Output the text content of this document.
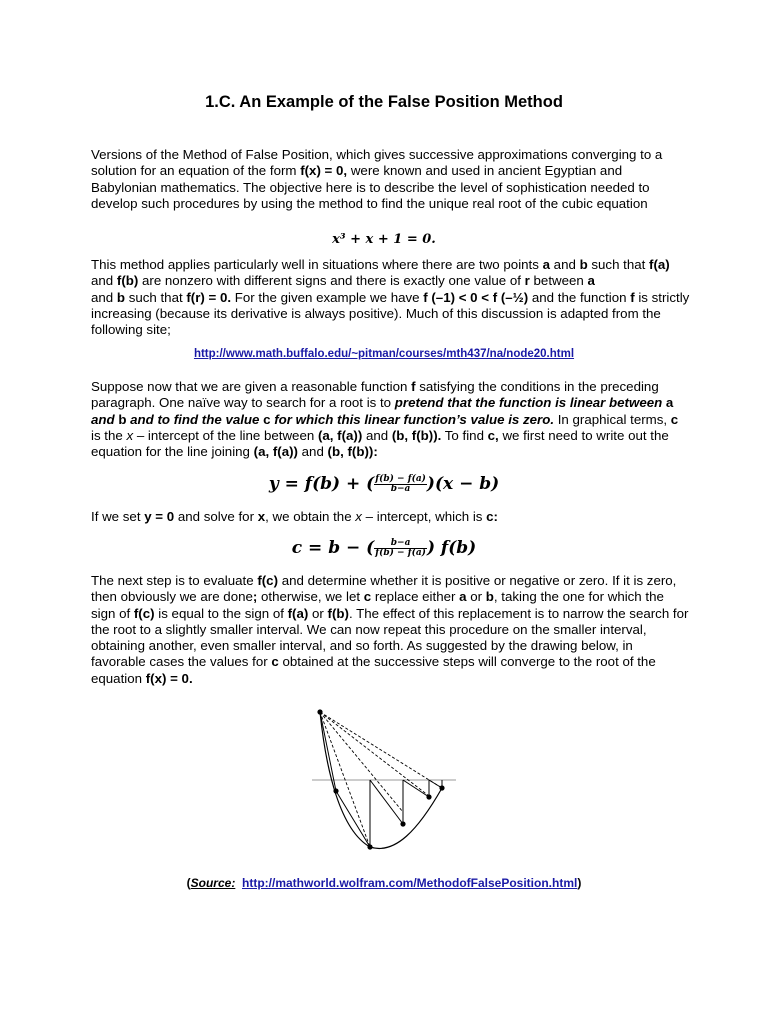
1.C. An Example of the False Position Method

Versions of the Method of False Position, which gives successive approximations converging to a solution for an equation of the form f(x) = 0, were known and used in ancient Egyptian and Babylonian mathematics. The objective here is to describe the level of sophistication needed to develop such procedures by using the method to find the unique real root of the cubic equation

x³ + x + 1 = 0.

This method applies particularly well in situations where there are two points a and b such that f(a) and f(b) are nonzero with different signs and there is exactly one value of r between a
and b such that f(r) = 0. For the given example we have f (–1) < 0 < f (–½) and the function f is strictly increasing (because its derivative is always positive). Much of this discussion is adapted from the following site;

http://www.math.buffalo.edu/~pitman/courses/mth437/na/node20.html

Suppose now that we are given a reasonable function f satisfying the conditions in the preceding paragraph. One naïve way to search for a root is to pretend that the function is linear between a and b and to find the value c for which this linear function’s value is zero. In graphical terms, c is the x – intercept of the line between (a, f(a)) and (b, f(b)). To find c, we first need to write out the equation for the line joining (a, f(a)) and (b, f(b)):

y = f(b) + ( $\frac{f(b) - f(a)}{b-a} )(x - b)$

If we set y = 0 and solve for x, we obtain the x – intercept, which is c:

c = b − ( $\frac{b-a}{f(b) - f(a)}$ ) f(b)

The next step is to evaluate f(c) and determine whether it is positive or negative or zero. If it is zero, then obviously we are done; otherwise, we let c replace either a or b, taking the one for which the sign of f(c) is equal to the sign of f(a) or f(b). The effect of this replacement is to narrow the search for the root to a slightly smaller interval. We can now repeat this procedure on the smaller interval, obtaining another, even smaller interval, and so forth. As suggested by the drawing below, in favorable cases the values for c obtained at the successive steps will converge to the root of the equation f(x) = 0.

(Source: http://mathworld.wolfram.com/MethodofFalsePosition.html)
